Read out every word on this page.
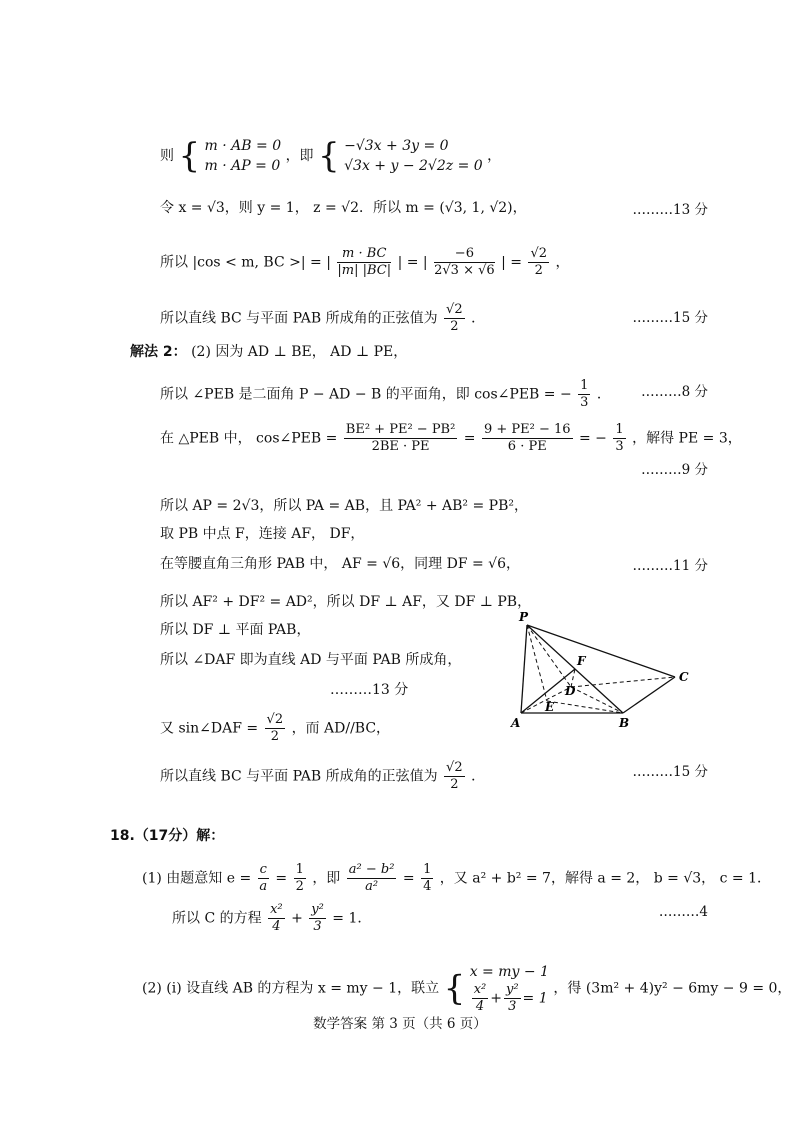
则 { m · AB = 0
m · AP = 0
，即 { −√3x + 3y = 0
√3x + y − 2√2z = 0
，
令 x = √3，则 y = 1， z = √2．所以 m = (√3, 1, √2)，	………13 分
所以 |cos < m, BC >| = | $\frac{m \cdot BC}{|m| |BC|}$ | = | $\frac{-6}{2√3 \times √6}$ | = $\frac{√2}{2}$ ，
所以直线 BC 与平面 PAB 所成角的正弦值为 $\frac{√2}{2}$ ．	………15 分
解法 2： (2) 因为 AD ⊥ BE， AD ⊥ PE，
所以 ∠PEB 是二面角 P − AD − B 的平面角，即 cos∠PEB = − $\frac{1}{3}$ ． ………8 分
在 △PEB 中， cos∠PEB = $\frac{\text{BE² + PE² − PB²}}{2BE \cdot PE} = \frac{\text{9 + PE² − 16}}{6 \cdot PE}$ = − $\frac{1}{3}$ ，解得 PE = 3，
………9 分
所以 AP = 2√3，所以 PA = AB，且 PA² + AB² = PB²，
取 PB 中点 F，连接 AF， DF，
在等腰直角三角形 PAB 中， AF = √6，同理 DF = √6，	………11 分
所以 AF² + DF² = AD²，所以 DF ⊥ AF，又 DF ⊥ PB，
所以 DF ⊥ 平面 PAB，
所以 ∠DAF 即为直线 AD 与平面 PAB 所成角，
………13 分
又 sin∠DAF = $\frac{√2}{2}$ ，而 AD//BC，
所以直线 BC 与平面 PAB 所成角的正弦值为 $\frac{√2}{2}$ ．	………15 分
P
F
D
C
E
A	B
18.（17分）解：
(1) 由题意知 $e = \frac{c}{a} = \frac{1}{2}$ ，即 $\frac{\text{a² − b²}}{\text{a²}} = \frac{1}{4}$ ，又 a² + b² = 7，解得 a = 2， b = √3， c = 1．
所以 C 的方程 $\frac{\text{x²}}{4} + \frac{\text{y²}}{3} = 1$．	………4
(2) (i) 设直线 AB 的方程为 x = my − 1，联立 { x = my − 1
$\frac{\text{x²}}{4} + \frac{\text{y²}}{3} = 1$
，得 (3m² + 4)y² − 6my − 9 = 0，
数学答案 第 3 页（共 6 页）
